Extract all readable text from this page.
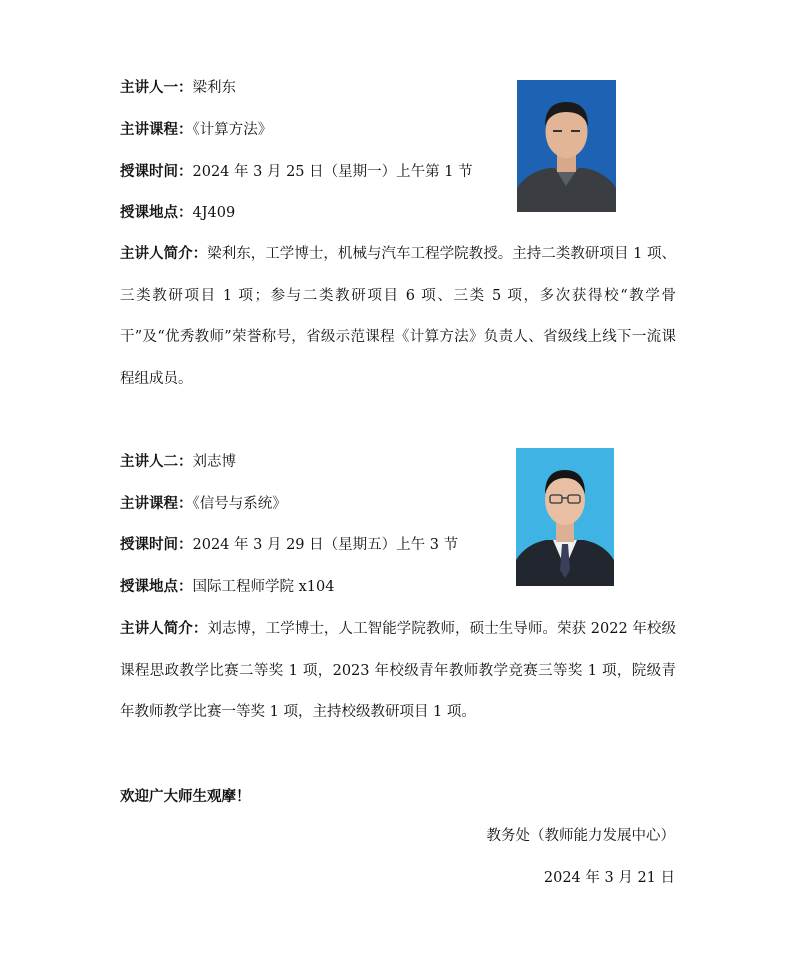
主讲人一：梁利东
主讲课程：《计算方法》
授课时间：2024 年 3 月 25 日（星期一）上午第 1 节
授课地点：4J409
主讲人简介：梁利东，工学博士，机械与汽车工程学院教授。主持二类教研项目 1 项、三类教研项目 1 项；参与二类教研项目 6 项、三类 5 项，多次获得校“教学骨干”及“优秀教师”荣誉称号，省级示范课程《计算方法》负责人、省级线上线下一流课程组成员。
主讲人二：刘志博
主讲课程：《信号与系统》
授课时间：2024 年 3 月 29 日（星期五）上午 3 节
授课地点：国际工程师学院 x104
主讲人简介：刘志博，工学博士，人工智能学院教师，硕士生导师。荣获 2022 年校级课程思政教学比赛二等奖 1 项，2023 年校级青年教师教学竞赛三等奖 1 项，院级青年教师教学比赛一等奖 1 项，主持校级教研项目 1 项。
欢迎广大师生观摩！
教务处（教师能力发展中心）
2024 年 3 月 21 日
